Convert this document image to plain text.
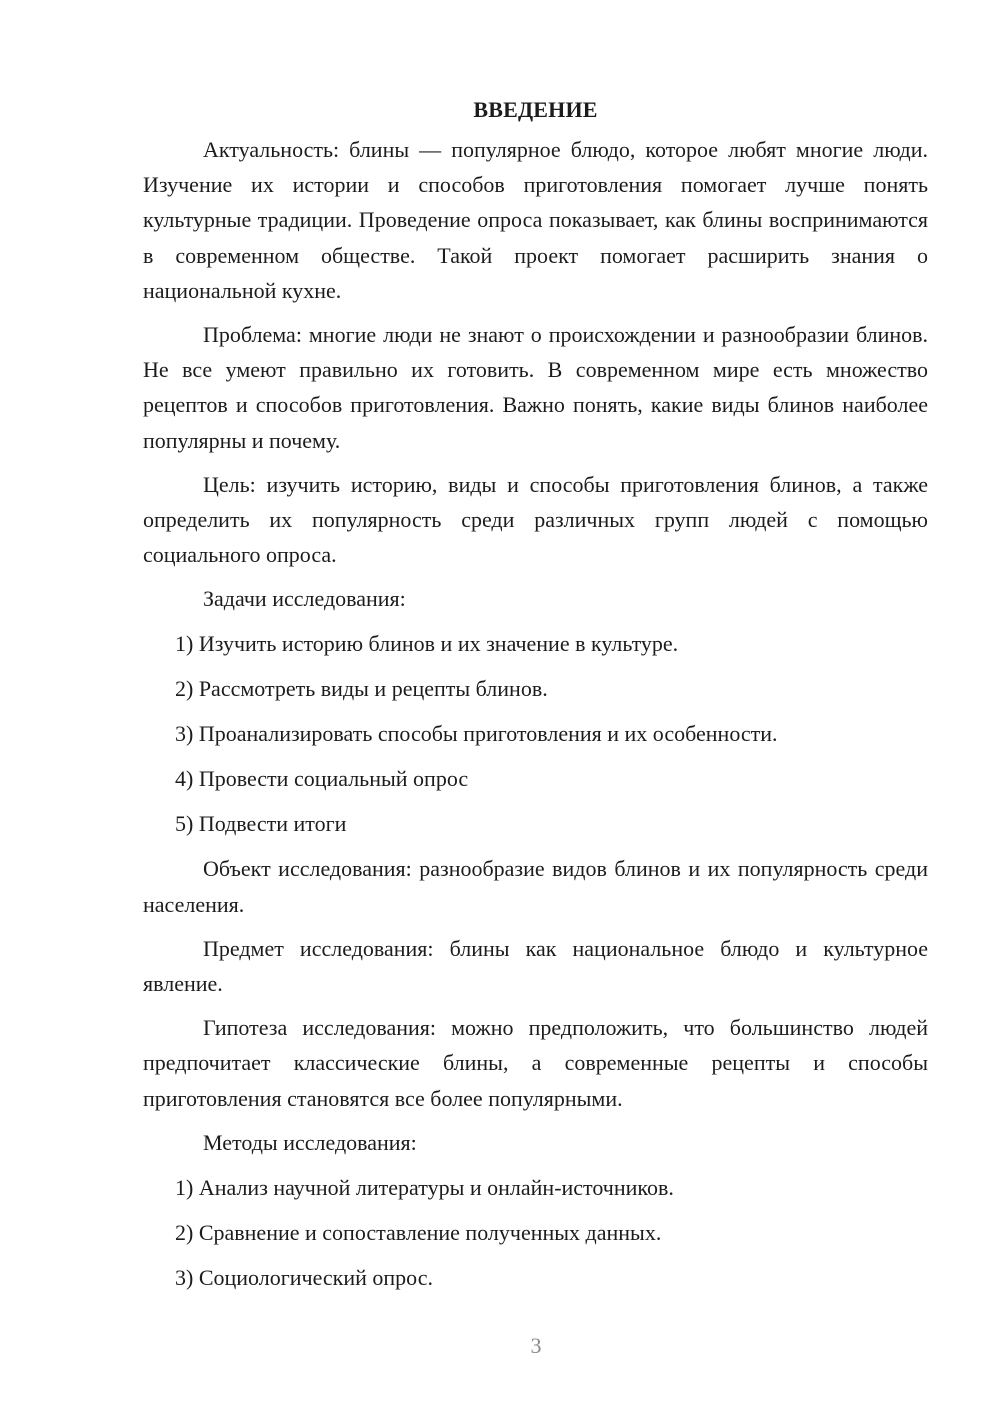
ВВЕДЕНИЕ

Актуальность: блины — популярное блюдо, которое любят многие люди. Изучение их истории и способов приготовления помогает лучше понять культурные традиции. Проведение опроса показывает, как блины воспринимаются в современном обществе. Такой проект помогает расширить знания о национальной кухне.

Проблема: многие люди не знают о происхождении и разнообразии блинов. Не все умеют правильно их готовить. В современном мире есть множество рецептов и способов приготовления. Важно понять, какие виды блинов наиболее популярны и почему.

Цель: изучить историю, виды и способы приготовления блинов, а также определить их популярность среди различных групп людей с помощью социального опроса.

Задачи исследования:
1) Изучить историю блинов и их значение в культуре.
2) Рассмотреть виды и рецепты блинов.
3) Проанализировать способы приготовления и их особенности.
4) Провести социальный опрос
5) Подвести итоги

Объект исследования: разнообразие видов блинов и их популярность среди населения.

Предмет исследования: блины как национальное блюдо и культурное явление.

Гипотеза исследования: можно предположить, что большинство людей предпочитает классические блины, а современные рецепты и способы приготовления становятся все более популярными.

Методы исследования:
1) Анализ научной литературы и онлайн-источников.
2) Сравнение и сопоставление полученных данных.
3) Социологический опрос.
3
